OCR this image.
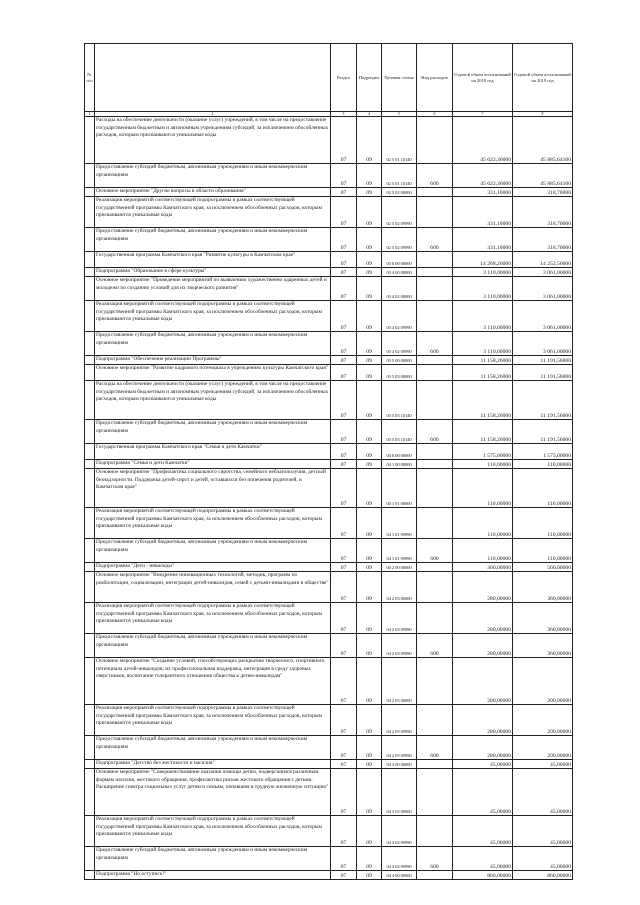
№ п/п		Раздел	Подраздел	Целевая статья	Вид расходов	Годовой объем ассигнований на 2018 год	Годовой объем ассигнований на 2019 год
1	2	3	4	5	6	7	8
	Расходы на обеспечение деятельности (оказание услуг) учреждений, в том числе на предоставление государственным бюджетным и автономным учреждениям субсидий, за исключением обособленных расходов, которым присваиваются уникальные коды	07	09	02 5 01 10140		45 622,36000	45 885,64100
	Предоставление субсидий бюджетным, автономным учреждениям и иным некоммерческим организациям	07	09	02 5 01 10140	600	45 622,36000	45 885,64100
	Основное мероприятие "Другие вопросы в области образования"	07	09	02 5 02 00000		331,10000	318,70000
	Реализация мероприятий соответствующей подпрограммы в рамках соответствующей государственной программы Камчатского края, за исключением обособленных расходов, которым присваиваются уникальные коды	07	09	02 5 02 09990		331,10000	318,70000
	Предоставление субсидий бюджетным, автономным учреждениям и иным некоммерческим организациям	07	09	02 5 02 09990	600	331,10000	318,70000
	Государственная программа Камчатского края "Развитие культуры в Камчатском крае"	07	09	03 0 00 00000		14 268,26000	14 252,56000
	Подпрограмма "Образование в сфере культуры"	07	09	03 4 00 00000		3 110,00000	3 061,00000
	Основное мероприятие "Проведение мероприятий по выявлению художественно одаренных детей и молодежи по созданию условий для их творческого развития"	07	09	03 4 02 00000		3 110,00000	3 061,00000
	Реализация мероприятий соответствующей подпрограммы в рамках соответствующей государственной программы Камчатского края, за исключением обособленных расходов, которым присваиваются уникальные коды	07	09	03 4 02 09990		3 110,00000	3 061,00000
	Предоставление субсидий бюджетным, автономным учреждениям и иным некоммерческим организациям	07	09	03 4 02 09990	600	3 110,00000	3 061,00000
	Подпрограмма "Обеспечение реализации Программы"	07	09	03 5 00 00000		11 158,26000	11 191,56000
	Основное мероприятие "Развитие кадрового потенциала в учреждениях культуры Камчатского края"	07	09	03 5 03 00000		11 158,26000	11 191,56000
	Расходы на обеспечение деятельности (оказание услуг) учреждений, в том числе на предоставление государственным бюджетным и автономным учреждениям субсидий, за исключением обособленных расходов, которым присваиваются уникальные коды	07	09	03 5 03 10140		11 158,26000	11 191,56000
	Предоставление субсидий бюджетным, автономным учреждениям и иным некоммерческим организациям	07	09	03 5 03 10140	600	11 158,26000	11 191,56000
	Государственная программа Камчатского края "Семья и дети Камчатки"	07	09	04 0 00 00000		1 575,00000	1 575,00000
	Подпрограмма "Семья и дети Камчатки"	07	09	04 1 00 00000		110,00000	110,00000
	Основное мероприятие "Профилактика социального сиротства, семейного неблагополучия, детской безнадзорности. Поддержка детей-сирот и детей, оставшихся без попечения родителей, в Камчатском крае"	07	09	04 1 01 00000		110,00000	110,00000
	Реализация мероприятий соответствующей подпрограммы в рамках соответствующей государственной программы Камчатского края, за исключением обособленных расходов, которым присваиваются уникальные коды	07	09	04 1 01 09990		110,00000	110,00000
	Предоставление субсидий бюджетным, автономным учреждениям и иным некоммерческим организациям	07	09	04 1 01 09990	600	110,00000	110,00000
	Подпрограмма "Дети - инвалиды"	07	09	04 2 00 00000		360,00000	560,00000
	Основное мероприятие "Внедрение инновационных технологий, методик, программ по реабилитации, социализации, интеграции детей-инвалидов, семей с детьми-инвалидами в обществе"	07	09	04 2 03 00000		280,00000	360,00000
	Реализация мероприятий соответствующей подпрограммы в рамках соответствующей государственной программы Камчатского края, за исключением обособленных расходов, которым присваиваются уникальные коды	07	09	04 2 03 09990		280,00000	360,00000
	Предоставление субсидий бюджетным, автономным учреждениям и иным некоммерческим организациям	07	09	04 2 03 09990	600	280,00000	360,00000
	Основное мероприятие "Создание условий, способствующих раскрытию творческого, спортивного потенциала детей-инвалидов, их профессиональная поддержка, интеграция в среду здоровых сверстников, воспитание толерантного отношения общества к детям-инвалидам"	07	09	04 2 05 00000		280,00000	200,00000
	Реализация мероприятий соответствующей подпрограммы в рамках соответствующей государственной программы Камчатского края, за исключением обособленных расходов, которым присваиваются уникальные коды	07	09	04 2 05 09990		280,00000	200,00000
	Предоставление субсидий бюджетным, автономным учреждениям и иным некоммерческим организациям	07	09	04 2 05 09990	600	280,00000	200,00000
	Подпрограмма "Детство без жестокости и насилия"	07	09	04 3 00 00000		45,00000	45,00000
	Основное мероприятие "Совершенствование оказания помощи детям, подвергшимся различным формам насилия, жестокого обращения, профилактика рисков жестокого обращения с детьми. Расширение спектра социальных услуг детям и семьям, попавшим в трудную жизненную ситуацию"	07	09	04 3 02 00000		45,00000	45,00000
	Реализация мероприятий соответствующей подпрограммы в рамках соответствующей государственной программы Камчатского края, за исключением обособленных расходов, которым присваиваются уникальные коды	07	09	04 3 02 09990		45,00000	45,00000
	Предоставление субсидий бюджетным, автономным учреждениям и иным некоммерческим организациям	07	09	04 3 02 09990	600	45,00000	45,00000
	Подпрограмма "Но оступись!"	07	09	04 4 00 00000		860,00000	860,00000
